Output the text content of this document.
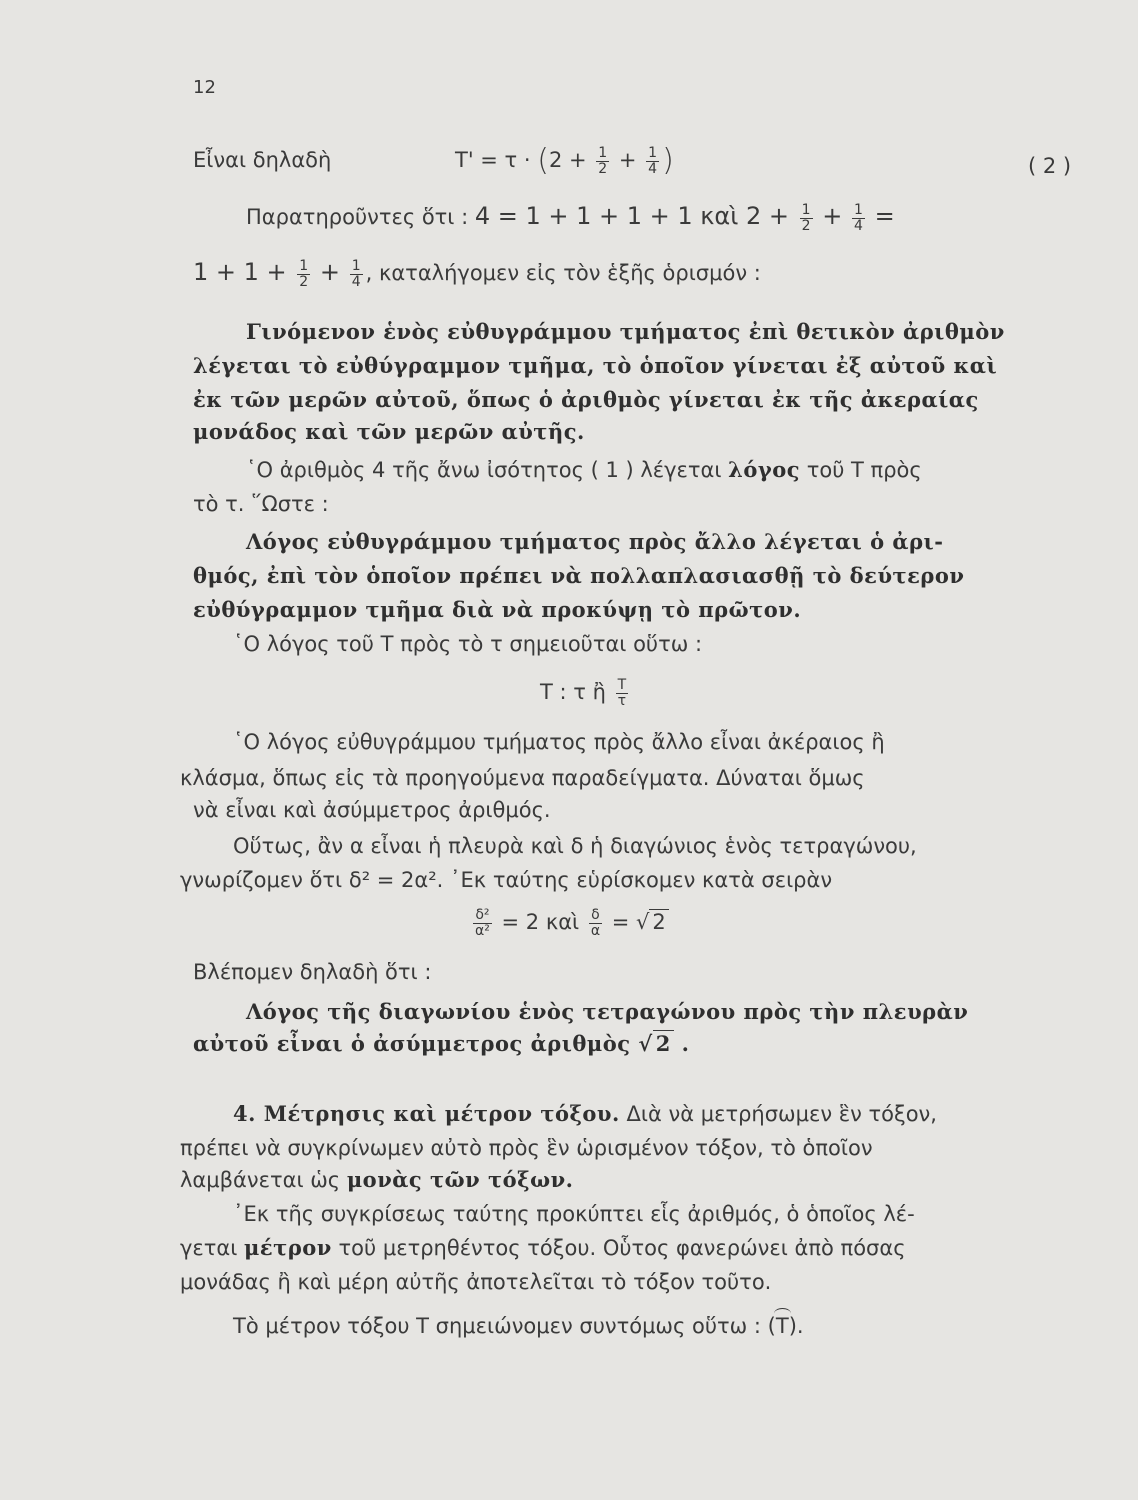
12
Εἶναι δηλαδὴ	$T' = \tau \cdot (2 + \frac{1}{2} + \frac{1}{4}$ )	( 2 )
Παρατηροῦντες ὅτι : 4 = 1 + 1 + 1 + 1 καὶ $2 + \frac{1}{2} + \frac{1}{4}$ =
$1 + 1 + \frac{1}{2} + \frac{1}{4}$ , καταλήγομεν εἰς τὸν ἑξῆς ὁρισμόν :
Γινόμενον ἑνὸς εὐθυγράμμου τμήματος ἐπὶ θετικὸν ἀριθμὸν
λέγεται τὸ εὐθύγραμμον τμῆμα, τὸ ὁποῖον γίνεται ἐξ αὐτοῦ καὶ
ἐκ τῶν μερῶν αὐτοῦ, ὅπως ὁ ἀριθμὸς γίνεται ἐκ τῆς ἀκεραίας
μονάδος καὶ τῶν μερῶν αὐτῆς.
῾Ο ἀριθμὸς 4 τῆς ἄνω ἰσότητος ( 1 ) λέγεται λόγος τοῦ Τ πρὸς
τὸ τ. ῞Ωστε :
Λόγος εὐθυγράμμου τμήματος πρὸς ἄλλο λέγεται ὁ ἀρι-
θμός, ἐπὶ τὸν ὁποῖον πρέπει νὰ πολλαπλασιασθῇ τὸ δεύτερον
εὐθύγραμμον τμῆμα διὰ νὰ προκύψῃ τὸ πρῶτον.
῾Ο λόγος τοῦ Τ πρὸς τὸ τ σημειοῦται οὕτω :
Τ : τ ἢ $\frac{T}{\tau}$
῾Ο λόγος εὐθυγράμμου τμήματος πρὸς ἄλλο εἶναι ἀκέραιος ἢ
κλάσμα, ὅπως εἰς τὰ προηγούμενα παραδείγματα. Δύναται ὅμως
νὰ εἶναι καὶ ἀσύμμετρος ἀριθμός.
Οὕτως, ἂν α εἶναι ἡ πλευρὰ καὶ δ ἡ διαγώνιος ἑνὸς τετραγώνου,
γνωρίζομεν ὅτι δ² = 2α². ᾿Εκ ταύτης εὑρίσκομεν κατὰ σειρὰν
$\frac{\text{δ²}}{\text{α²}} = 2$ καὶ $\frac{\delta}{\alpha}$ = √ 2
Βλέπομεν δηλαδὴ ὅτι :
Λόγος τῆς διαγωνίου ἑνὸς τετραγώνου πρὸς τὴν πλευρὰν
αὐτοῦ εἶναι ὁ ἀσύμμετρος ἀριθμὸς √ 2 .
4. Μέτρησις καὶ μέτρον τόξου. Διὰ νὰ μετρήσωμεν ἓν τόξον,
πρέπει νὰ συγκρίνωμεν αὐτὸ πρὸς ἓν ὡρισμένον τόξον, τὸ ὁποῖον
λαμβάνεται ὡς μονὰς τῶν τόξων.
᾿Εκ τῆς συγκρίσεως ταύτης προκύπτει εἷς ἀριθμός, ὁ ὁποῖος λέ-
γεται μέτρον τοῦ μετρηθέντος τόξου. Οὗτος φανερώνει ἀπὸ πόσας
μονάδας ἢ καὶ μέρη αὐτῆς ἀποτελεῖται τὸ τόξον τοῦτο.
Τὸ μέτρον τόξου Τ σημειώνομεν συντόμως οὕτω : (Τ).
